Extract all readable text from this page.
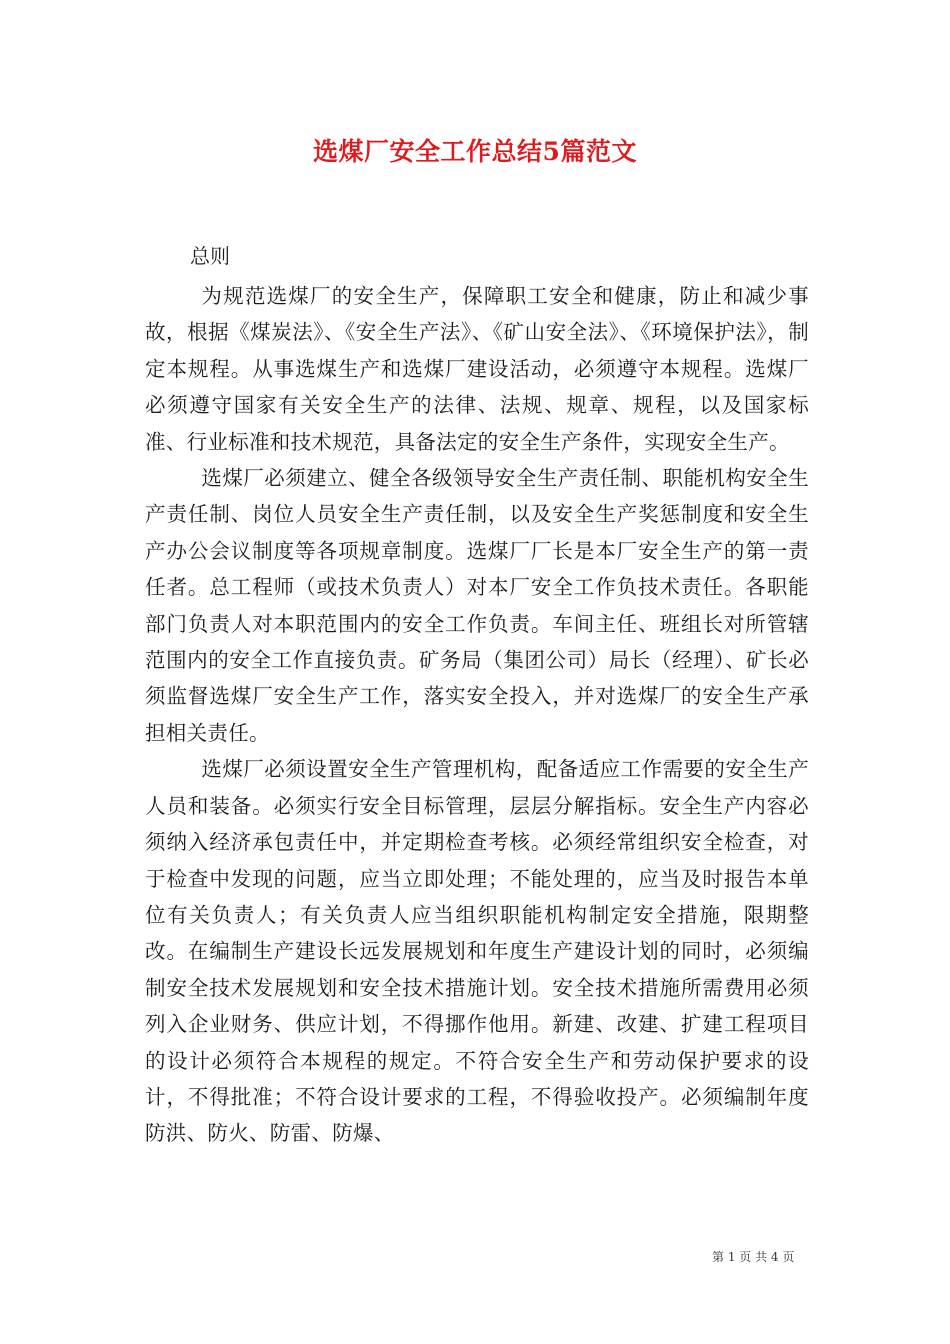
选煤厂安全工作总结5篇范文
总则

为规范选煤厂的安全生产，保障职工安全和健康，防止和减少事故，根据《煤炭法》、《安全生产法》、《矿山安全法》、《环境保护法》，制定本规程。从事选煤生产和选煤厂建设活动，必须遵守本规程。选煤厂必须遵守国家有关安全生产的法律、法规、规章、规程，以及国家标准、行业标准和技术规范，具备法定的安全生产条件，实现安全生产。

选煤厂必须建立、健全各级领导安全生产责任制、职能机构安全生产责任制、岗位人员安全生产责任制，以及安全生产奖惩制度和安全生产办公会议制度等各项规章制度。选煤厂厂长是本厂安全生产的第一责任者。总工程师（或技术负责人）对本厂安全工作负技术责任。各职能部门负责人对本职范围内的安全工作负责。车间主任、班组长对所管辖范围内的安全工作直接负责。矿务局（集团公司）局长（经理）、矿长必须监督选煤厂安全生产工作，落实安全投入，并对选煤厂的安全生产承担相关责任。

选煤厂必须设置安全生产管理机构，配备适应工作需要的安全生产人员和装备。必须实行安全目标管理，层层分解指标。安全生产内容必须纳入经济承包责任中，并定期检查考核。必须经常组织安全检查，对于检查中发现的问题，应当立即处理；不能处理的，应当及时报告本单位有关负责人；有关负责人应当组织职能机构制定安全措施，限期整改。在编制生产建设长远发展规划和年度生产建设计划的同时，必须编制安全技术发展规划和安全技术措施计划。安全技术措施所需费用必须列入企业财务、供应计划，不得挪作他用。新建、改建、扩建工程项目的设计必须符合本规程的规定。不符合安全生产和劳动保护要求的设计，不得批准；不符合设计要求的工程，不得验收投产。必须编制年度防洪、防火、防雷、防爆、

第 1 页 共 4 页
